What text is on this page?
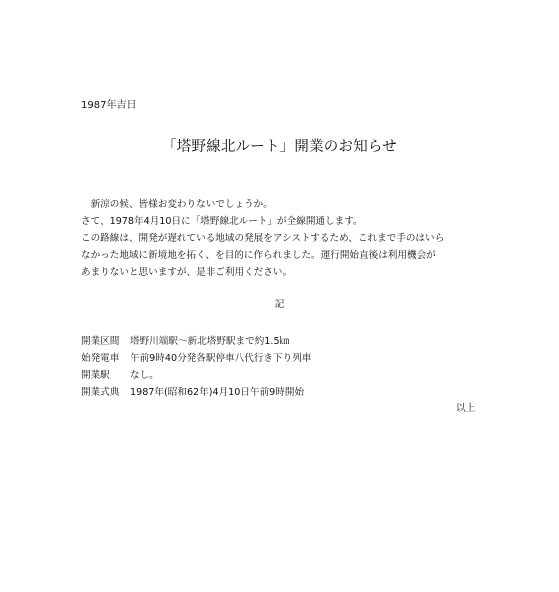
1987年吉日
「塔野線北ルート」開業のお知らせ
　新涼の候、皆様お変わりないでしょうか。
さて、1978年4月10日に「塔野線北ルート」が全線開通します。
この路線は、開発が遅れている地域の発展をアシストするため、これまで手のはいら
なかった地域に新境地を拓く、を目的に作られました。運行開始直後は利用機会が
あまりないと思いますが、是非ご利用ください。
記
開業区間	塔野川端駅～新北塔野駅まで約1.5㎞
始発電車	午前9時40分発各駅停車八代行き下り列車
開業駅	なし。
開業式典	1987年(昭和62年)4月10日午前9時開始
以上
